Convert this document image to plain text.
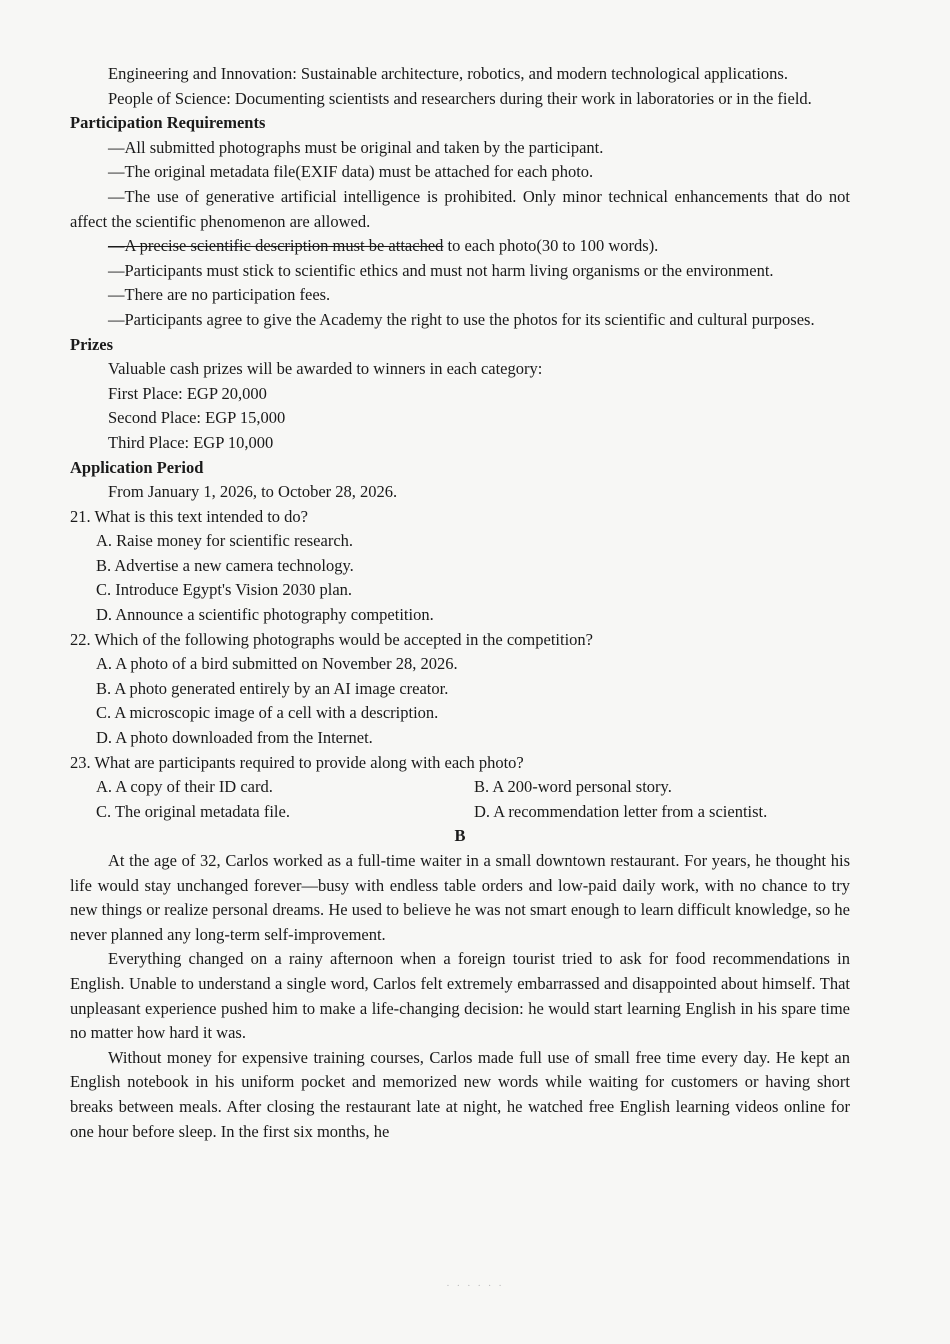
Engineering and Innovation: Sustainable architecture, robotics, and modern technological applications.

People of Science: Documenting scientists and researchers during their work in laboratories or in the field.

Participation Requirements

—All submitted photographs must be original and taken by the participant.

—The original metadata file(EXIF data) must be attached for each photo.

—The use of generative artificial intelligence is prohibited. Only minor technical enhancements that do not affect the scientific phenomenon are allowed.

—A precise scientific description must be attached to each photo(30 to 100 words).

—Participants must stick to scientific ethics and must not harm living organisms or the environment.

—There are no participation fees.

—Participants agree to give the Academy the right to use the photos for its scientific and cultural purposes.

Prizes
Valuable cash prizes will be awarded to winners in each category:
First Place: EGP 20,000
Second Place: EGP 15,000
Third Place: EGP 10,000
Application Period
From January 1, 2026, to October 28, 2026.
21. What is this text intended to do?
A. Raise money for scientific research.
B. Advertise a new camera technology.
C. Introduce Egypt's Vision 2030 plan.
D. Announce a scientific photography competition.
22. Which of the following photographs would be accepted in the competition?
A. A photo of a bird submitted on November 28, 2026.
B. A photo generated entirely by an AI image creator.
C. A microscopic image of a cell with a description.
D. A photo downloaded from the Internet.
23. What are participants required to provide along with each photo?
A. A copy of their ID card.	B. A 200-word personal story.
C. The original metadata file.	D. A recommendation letter from a scientist.
B

At the age of 32, Carlos worked as a full-time waiter in a small downtown restaurant. For years, he thought his life would stay unchanged forever—busy with endless table orders and low-paid daily work, with no chance to try new things or realize personal dreams. He used to believe he was not smart enough to learn difficult knowledge, so he never planned any long-term self-improvement.

Everything changed on a rainy afternoon when a foreign tourist tried to ask for food recommendations in English. Unable to understand a single word, Carlos felt extremely embarrassed and disappointed about himself. That unpleasant experience pushed him to make a life-changing decision: he would start learning English in his spare time no matter how hard it was.

Without money for expensive training courses, Carlos made full use of small free time every day. He kept an English notebook in his uniform pocket and memorized new words while waiting for customers or having short breaks between meals. After closing the restaurant late at night, he watched free English learning videos online for one hour before sleep. In the first six months, he

· · · · · ·
